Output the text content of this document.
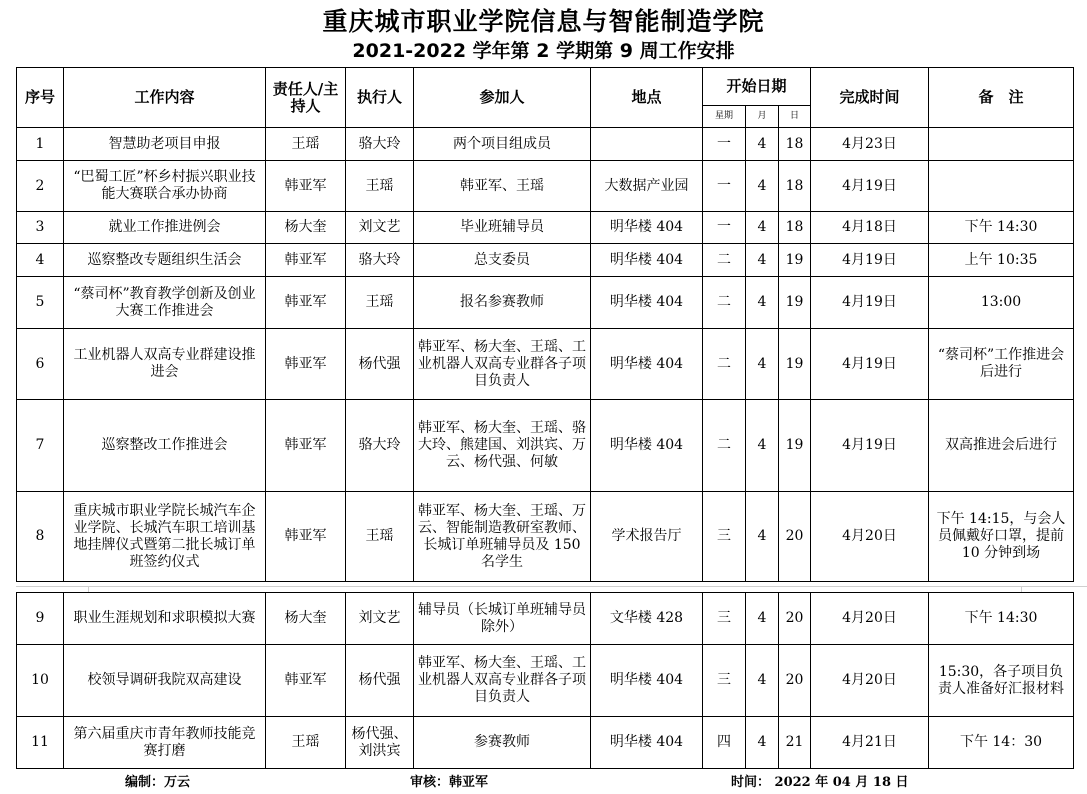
重庆城市职业学院信息与智能制造学院
2021-2022 学年第 2 学期第 9 周工作安排
序号	工作内容	责任人/主持人	执行人	参加人	地点	开始日期			完成时间	备　注
						星期	月	日		
1	智慧助老项目申报	王瑶	骆大玲	两个项目组成员		一	4	18	4月23日	
2	“巴蜀工匠”杯乡村振兴职业技能大赛联合承办协商	韩亚军	王瑶	韩亚军、王瑶	大数据产业园	一	4	18	4月19日	
3	就业工作推进例会	杨大奎	刘文艺	毕业班辅导员	明华楼 404	一	4	18	4月18日	下午 14:30
4	巡察整改专题组织生活会	韩亚军	骆大玲	总支委员	明华楼 404	二	4	19	4月19日	上午 10:35
5	“蔡司杯”教育教学创新及创业大赛工作推进会	韩亚军	王瑶	报名参赛教师	明华楼 404	二	4	19	4月19日	13:00
6	工业机器人双高专业群建设推进会	韩亚军	杨代强	韩亚军、杨大奎、王瑶、工业机器人双高专业群各子项目负责人	明华楼 404	二	4	19	4月19日	“蔡司杯”工作推进会后进行
7	巡察整改工作推进会	韩亚军	骆大玲	韩亚军、杨大奎、王瑶、骆大玲、熊建国、刘洪宾、万云、杨代强、何敏	明华楼 404	二	4	19	4月19日	双高推进会后进行
8	重庆城市职业学院长城汽车企业学院、长城汽车职工培训基地挂牌仪式暨第二批长城订单班签约仪式	韩亚军	王瑶	韩亚军、杨大奎、王瑶、万云、智能制造教研室教师、长城订单班辅导员及 150 名学生	学术报告厅	三	4	20	4月20日	下午 14:15，与会人员佩戴好口罩，提前 10 分钟到场
9	职业生涯规划和求职模拟大赛	杨大奎	刘文艺	辅导员（长城订单班辅导员除外）	文华楼 428	三	4	20	4月20日	下午 14:30
10	校领导调研我院双高建设	韩亚军	杨代强	韩亚军、杨大奎、王瑶、工业机器人双高专业群各子项目负责人	明华楼 404	三	4	20	4月20日	15:30，各子项目负责人准备好汇报材料
11	第六届重庆市青年教师技能竞赛打磨	王瑶	杨代强、刘洪宾	参赛教师	明华楼 404	四	4	21	4月21日	下午 14：30
编制：万云	审核：韩亚军	时间： 2022 年 04 月 18 日
